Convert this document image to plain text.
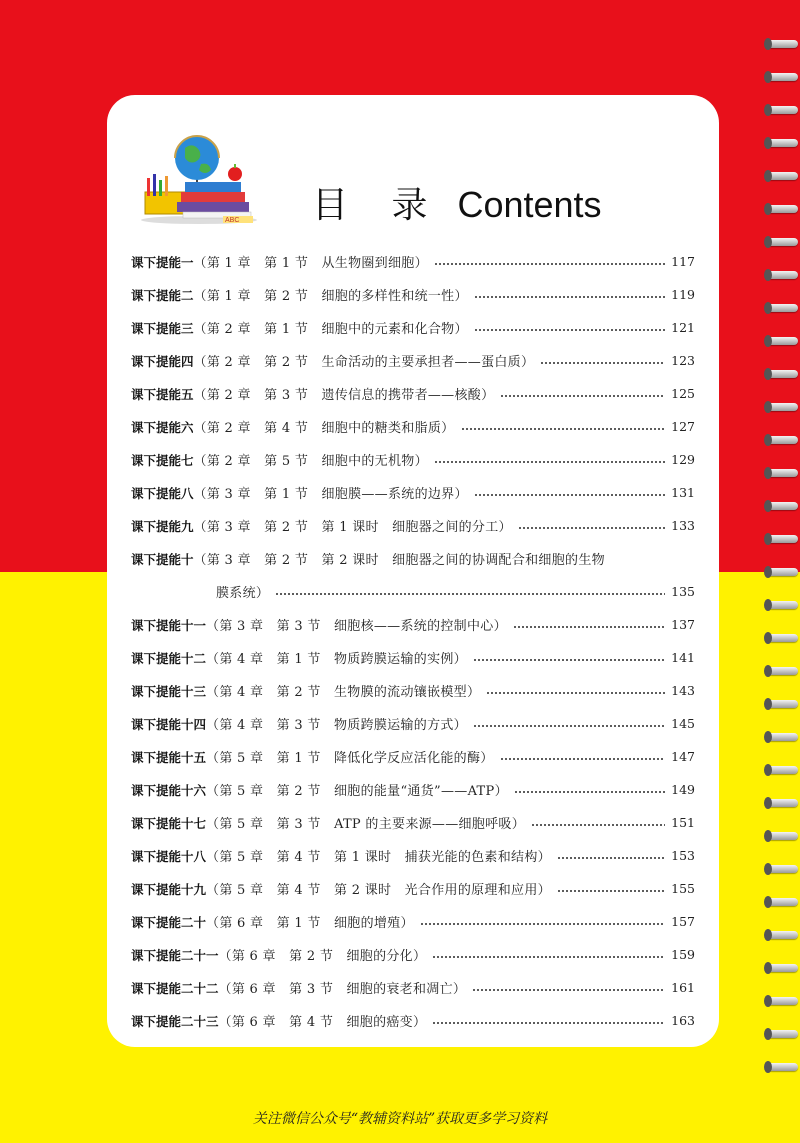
ABC 目 录 Contents
课下提能一 （第 1 章　第 1 节　从生物圈到细胞）	117
课下提能二 （第 1 章　第 2 节　细胞的多样性和统一性）	119
课下提能三 （第 2 章　第 1 节　细胞中的元素和化合物）	121
课下提能四 （第 2 章　第 2 节　生命活动的主要承担者——蛋白质）	123
课下提能五 （第 2 章　第 3 节　遗传信息的携带者——核酸）	125
课下提能六 （第 2 章　第 4 节　细胞中的糖类和脂质）	127
课下提能七 （第 2 章　第 5 节　细胞中的无机物）	129
课下提能八 （第 3 章　第 1 节　细胞膜——系统的边界）	131
课下提能九 （第 3 章　第 2 节　第 1 课时　细胞器之间的分工）	133
课下提能十 （第 3 章　第 2 节　第 2 课时　细胞器之间的协调配合和细胞的生物
膜系统）	135
课下提能十一 （第 3 章　第 3 节　细胞核——系统的控制中心）	137
课下提能十二 （第 4 章　第 1 节　物质跨膜运输的实例）	141
课下提能十三 （第 4 章　第 2 节　生物膜的流动镶嵌模型）	143
课下提能十四 （第 4 章　第 3 节　物质跨膜运输的方式）	145
课下提能十五 （第 5 章　第 1 节　降低化学反应活化能的酶）	147
课下提能十六 （第 5 章　第 2 节　细胞的能量“通货”——ATP）	149
课下提能十七 （第 5 章　第 3 节　ATP 的主要来源——细胞呼吸）	151
课下提能十八 （第 5 章　第 4 节　第 1 课时　捕获光能的色素和结构）	153
课下提能十九 （第 5 章　第 4 节　第 2 课时　光合作用的原理和应用）	155
课下提能二十 （第 6 章　第 1 节　细胞的增殖）	157
课下提能二十一 （第 6 章　第 2 节　细胞的分化）	159
课下提能二十二 （第 6 章　第 3 节　细胞的衰老和凋亡）	161
课下提能二十三 （第 6 章　第 4 节　细胞的癌变）	163
关注微信公众号“教辅资料站”获取更多学习资料
